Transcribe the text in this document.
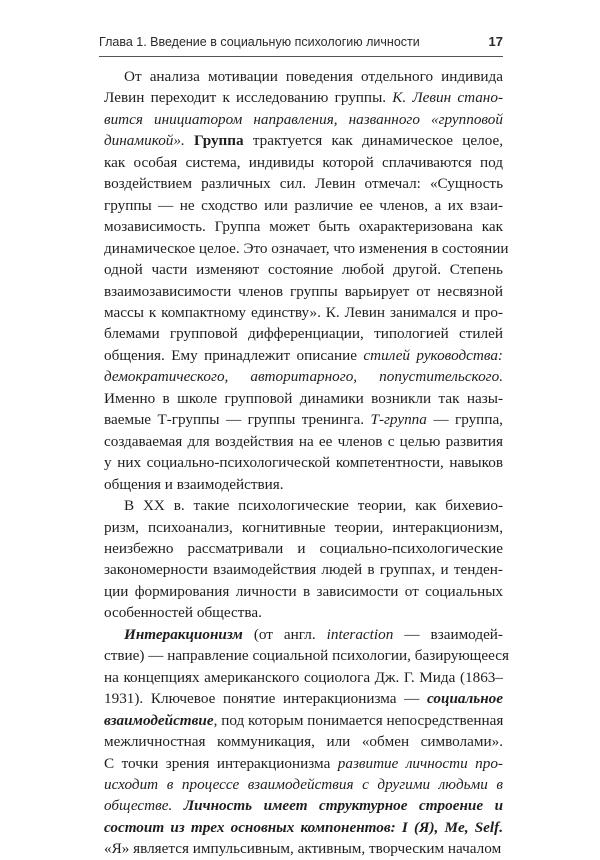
Глава 1. Введение в социальную психологию личности	17

От анализа мотивации поведения отдельного индивида
Левин переходит к исследованию группы. К. Левин стано-
вится инициатором направления, названного «групповой
динамикой». Группа трактуется как динамическое целое,
как особая система, индивиды которой сплачиваются под
воздействием различных сил. Левин отмечал: «Сущность
группы — не сходство или различие ее членов, а их взаи-
мозависимость. Группа может быть охарактеризована как
динамическое целое. Это означает, что изменения в состоянии
одной части изменяют состояние любой другой. Степень
взаимозависимости членов группы варьирует от несвязной
массы к компактному единству». К. Левин занимался и про-
блемами групповой дифференциации, типологией стилей
общения. Ему принадлежит описание стилей руководства:
демократического, авторитарного, попустительского.
Именно в школе групповой динамики возникли так назы-
ваемые Т-группы — группы тренинга. Т-группа — группа,
создаваемая для воздействия на ее членов с целью развития
у них социально-психологической компетентности, навыков
общения и взаимодействия.

В XX в. такие психологические теории, как бихевио-
ризм, психоанализ, когнитивные теории, интеракционизм,
неизбежно рассматривали и социально-психологические
закономерности взаимодействия людей в группах, и тенден-
ции формирования личности в зависимости от социальных
особенностей общества.

Интеракционизм (от англ. interaction — взаимодей-
ствие) — направление социальной психологии, базирующееся
на концепциях американского социолога Дж. Г. Мида (1863–
1931). Ключевое понятие интеракционизма — социальное
взаимодействие, под которым понимается непосредственная
межличностная коммуникация, или «обмен символами».
С точки зрения интеракционизма развитие личности про-
исходит в процессе взаимодействия с другими людьми в
обществе. Личность имеет структурное строение и
состоит из трех основных компонентов: I (Я), Me, Self.
«Я» является импульсивным, активным, творческим началом
